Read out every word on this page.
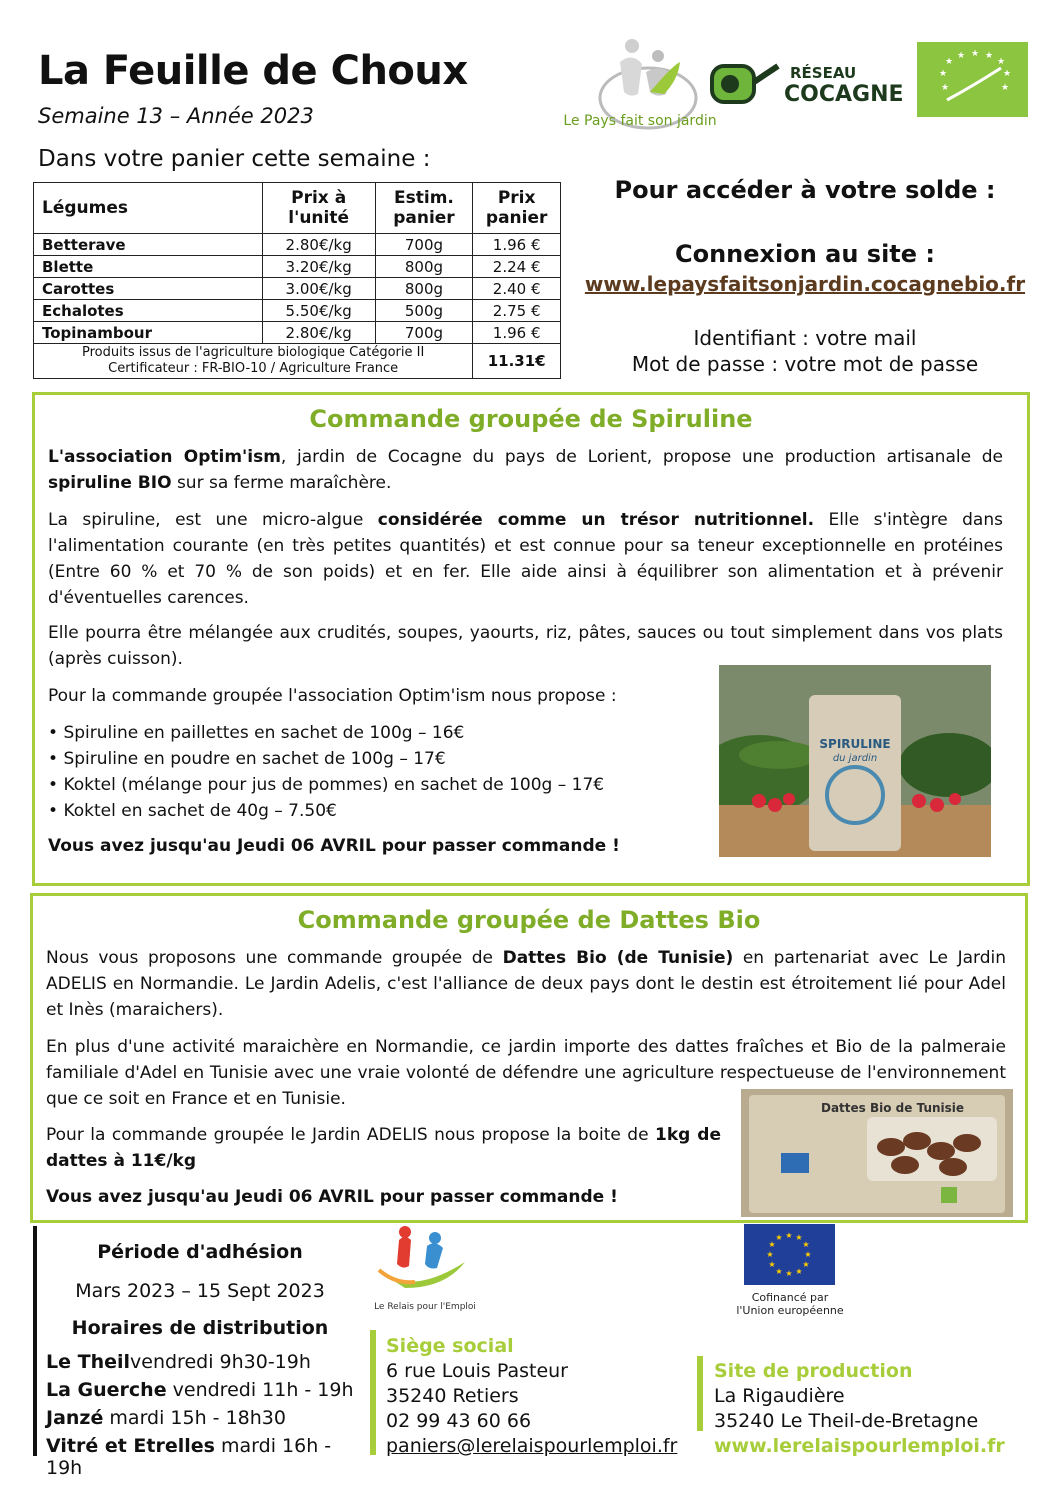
La Feuille de Choux
Semaine 13 – Année 2023
Dans votre panier cette semaine :
Le Pays fait son jardin
RÉSEAU
COCAGNE
★
★ ★ ★
★
★
★
★	★
Légumes	Prix à l'unité	Estim. panier	Prix panier
Betterave	2.80€/kg	700g	1.96 €
Blette	3.20€/kg	800g	2.24 €
Carottes	3.00€/kg	800g	2.40 €
Echalotes	5.50€/kg	500g	2.75 €
Topinambour	2.80€/kg	700g	1.96 €

Produits issus de l'agriculture biologique Catégorie II
Certificateur : FR-BIO-10 / Agriculture France			11.31€
Pour accéder à votre solde :
Connexion au site :
www.lepaysfaitsonjardin.cocagnebio.fr
Identifiant : votre mail
Mot de passe : votre mot de passe
Commande groupée de Spiruline
L'association Optim'ism, jardin de Cocagne du pays de Lorient, propose une production artisanale de spiruline BIO sur sa ferme maraîchère.
La spiruline, est une micro-algue considérée comme un trésor nutritionnel. Elle s'intègre dans l'alimentation courante (en très petites quantités) et est connue pour sa teneur exceptionnelle en protéines (Entre 60 % et 70 % de son poids) et en fer. Elle aide ainsi à équilibrer son alimentation et à prévenir d'éventuelles carences.
Elle pourra être mélangée aux crudités, soupes, yaourts, riz, pâtes, sauces ou tout simplement dans vos plats (après cuisson).
Pour la commande groupée l'association Optim'ism nous propose :
• Spiruline en paillettes en sachet de 100g – 16€
• Spiruline en poudre en sachet de 100g – 17€
• Koktel (mélange pour jus de pommes) en sachet de 100g – 17€
• Koktel en sachet de 40g – 7.50€
Vous avez jusqu'au Jeudi 06 AVRIL pour passer commande !
SPIRULINE
du jardin
Commande groupée de Dattes Bio
Nous vous proposons une commande groupée de Dattes Bio (de Tunisie) en partenariat avec Le Jardin ADELIS en Normandie. Le Jardin Adelis, c'est l'alliance de deux pays dont le destin est étroitement lié pour Adel et Inès (maraichers).
En plus d'une activité maraichère en Normandie, ce jardin importe des dattes fraîches et Bio de la palmeraie familiale d'Adel en Tunisie avec une vraie volonté de défendre une agriculture respectueuse de l'environnement que ce soit en France et en Tunisie.
Pour la commande groupée le Jardin ADELIS nous propose la boite de 1kg de dattes à 11€/kg
Vous avez jusqu'au Jeudi 06 AVRIL pour passer commande !
Dattes Bio de Tunisie
Période d'adhésion
Mars 2023 – 15 Sept 2023
Horaires de distribution
Le Theilvendredi 9h30-19h
La Guerche vendredi 11h - 19h
Janzé mardi 15h - 18h30
Vitré et Etrelles mardi 16h - 19h
Le Relais pour l'Emploi
★ ★
★
★
★
★
★
★
★
★
★
★
Cofinancé par
l'Union européenne
Siège social
6 rue Louis Pasteur
35240 Retiers
02 99 43 60 66
paniers@lerelaispourlemploi.fr
Site de production
La Rigaudière
35240 Le Theil-de-Bretagne
www.lerelaispourlemploi.fr
